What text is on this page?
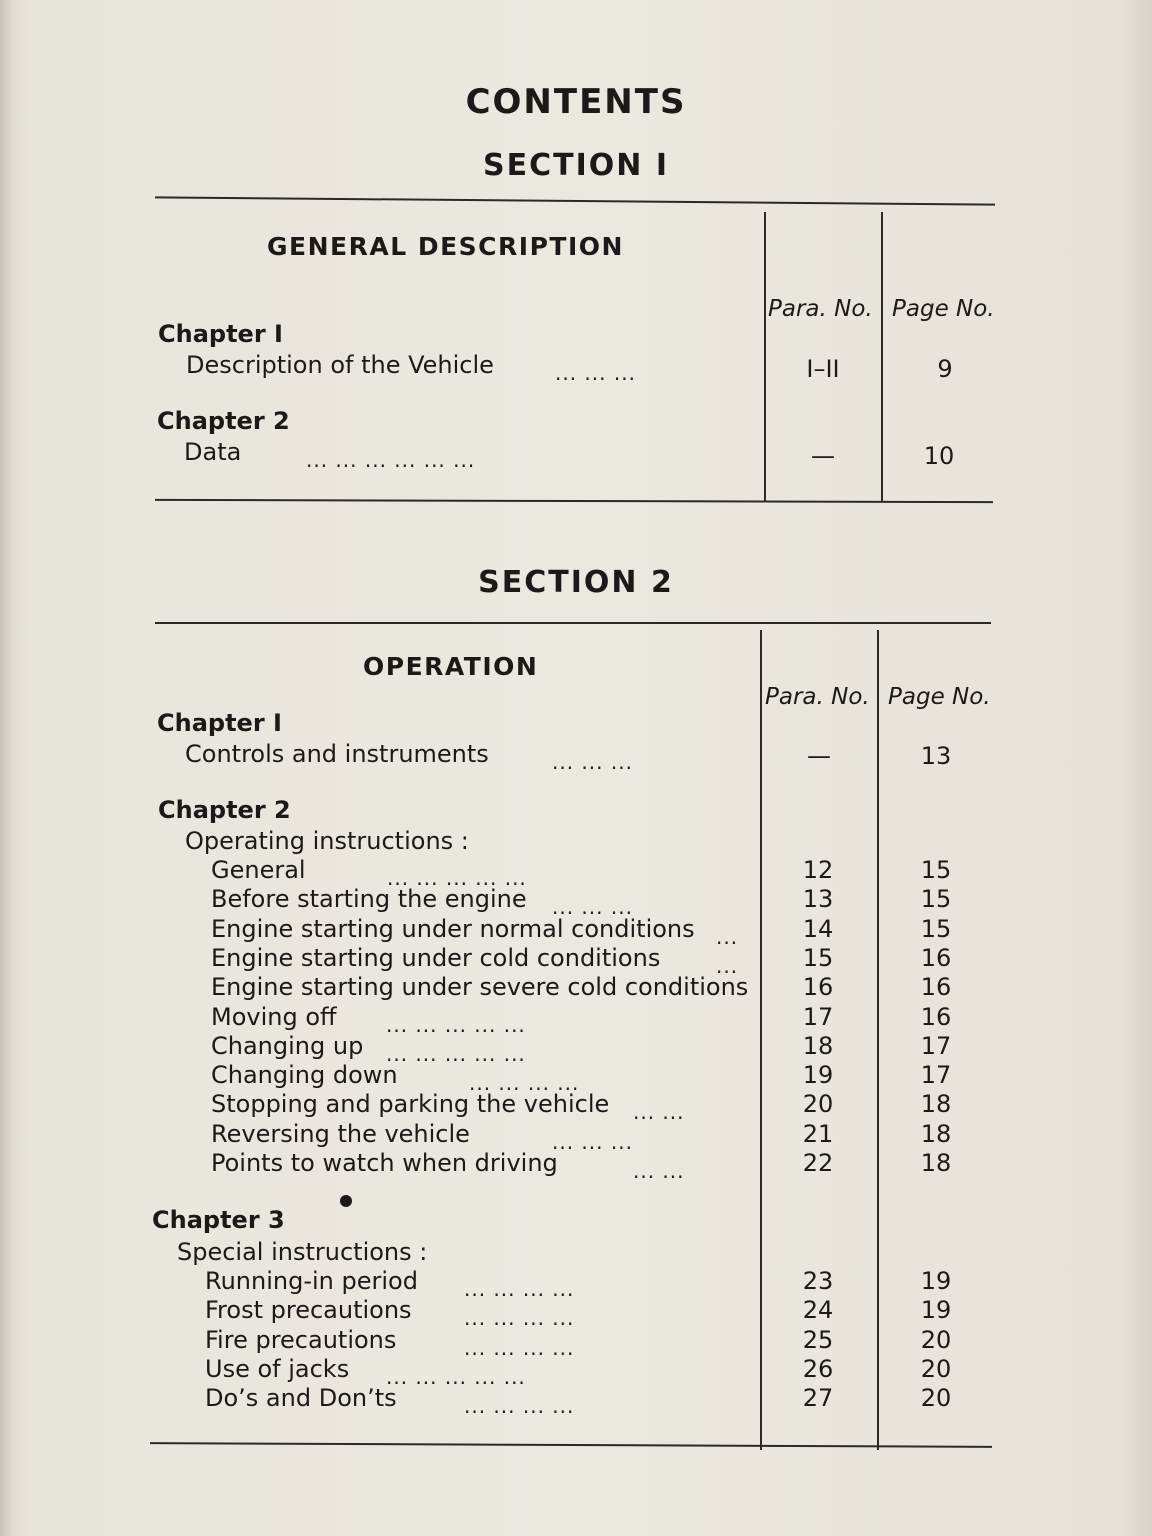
CONTENTS
SECTION I
GENERAL DESCRIPTION
Para. No. Page No.
Chapter I
Description of the Vehicle	... ... ...	I–II	9
Chapter 2
Data	... ... ... ... ... ...	—	10
SECTION 2
OPERATION
Para. No. Page No.
Chapter I
Controls and instruments	... ... ...	—	13
Chapter 2
Operating instructions :
General	... ... ... ... ...	12	15
Before starting the engine ... ... ...	13	15
Engine starting under normal conditions ...	14	15
Engine starting under cold conditions	...	15	16
Engine starting under severe cold conditions	16	16
Moving off ... ... ... ... ...	17	16
Changing up ... ... ... ... ...	18	17
Changing down	... ... ... ...	19	17
Stopping and parking the vehicle ... ...	20	18
Reversing the vehicle	... ... ...	21	18
Points to watch when driving	... ...	22	18
Chapter 3
Special instructions :
Running-in period ... ... ... ...	23	19
Frost precautions	... ... ... ...	24	19
Fire precautions	... ... ... ...	25	20
Use of jacks ... ... ... ... ...	26	20
Do’s and Don’ts	... ... ... ...	27	20
